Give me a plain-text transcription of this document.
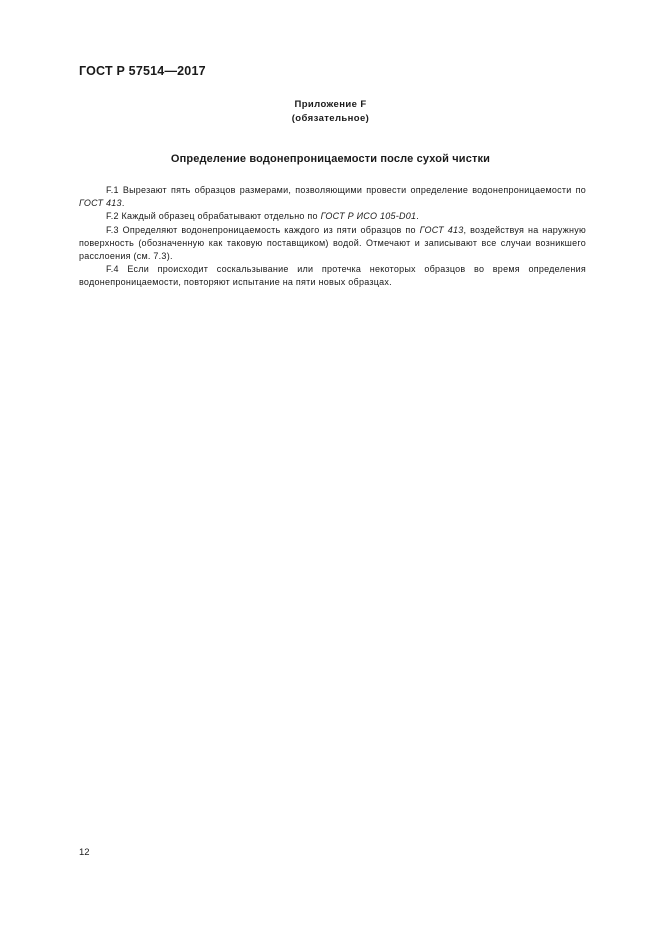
ГОСТ Р 57514—2017
Приложение F
(обязательное)
Определение водонепроницаемости после сухой чистки

F.1 Вырезают пять образцов размерами, позволяющими провести определение водонепроницаемости по ГОСТ 413.

F.2 Каждый образец обрабатывают отдельно по ГОСТ Р ИСО 105-D01.

F.3 Определяют водонепроницаемость каждого из пяти образцов по ГОСТ 413, воздействуя на наружную поверхность (обозначенную как таковую поставщиком) водой. Отмечают и записывают все случаи возникшего расслоения (см. 7.3).

F.4 Если происходит соскальзывание или протечка некоторых образцов во время определения водонепроницаемости, повторяют испытание на пяти новых образцах.

12
